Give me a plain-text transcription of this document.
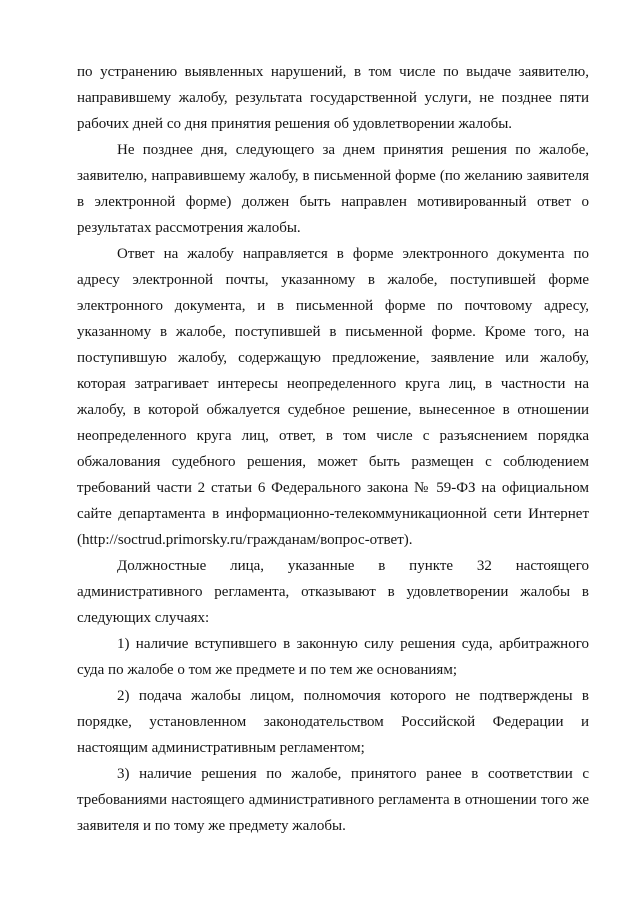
по устранению выявленных нарушений, в том числе по выдаче заявителю,
направившему жалобу, результата государственной услуги, не позднее пяти
рабочих дней со дня принятия решения об удовлетворении жалобы.
Не позднее дня, следующего за днем принятия решения по жалобе,
заявителю, направившему жалобу, в письменной форме (по желанию заявителя
в электронной форме) должен быть направлен мотивированный ответ о
результатах рассмотрения жалобы.
Ответ на жалобу направляется в форме электронного документа по
адресу электронной почты, указанному в жалобе, поступившей форме
электронного документа, и в письменной форме по почтовому адресу,
указанному в жалобе, поступившей в письменной форме. Кроме того, на
поступившую жалобу, содержащую предложение, заявление или жалобу,
которая затрагивает интересы неопределенного круга лиц, в частности на
жалобу, в которой обжалуется судебное решение, вынесенное в отношении
неопределенного круга лиц, ответ, в том числе с разъяснением порядка
обжалования судебного решения, может быть размещен с соблюдением
требований части 2 статьи 6 Федерального закона № 59-ФЗ на официальном
сайте департамента в информационно-телекоммуникационной сети Интернет
(http://soctrud.primorsky.ru/гражданам/вопрос-ответ).
Должностные лица, указанные в пункте 32 настоящего
административного регламента, отказывают в удовлетворении жалобы в
следующих случаях:
1) наличие вступившего в законную силу решения суда, арбитражного
суда по жалобе о том же предмете и по тем же основаниям;
2) подача жалобы лицом, полномочия которого не подтверждены в
порядке, установленном законодательством Российской Федерации и
настоящим административным регламентом;
3) наличие решения по жалобе, принятого ранее в соответствии с
требованиями настоящего административного регламента в отношении того же
заявителя и по тому же предмету жалобы.
